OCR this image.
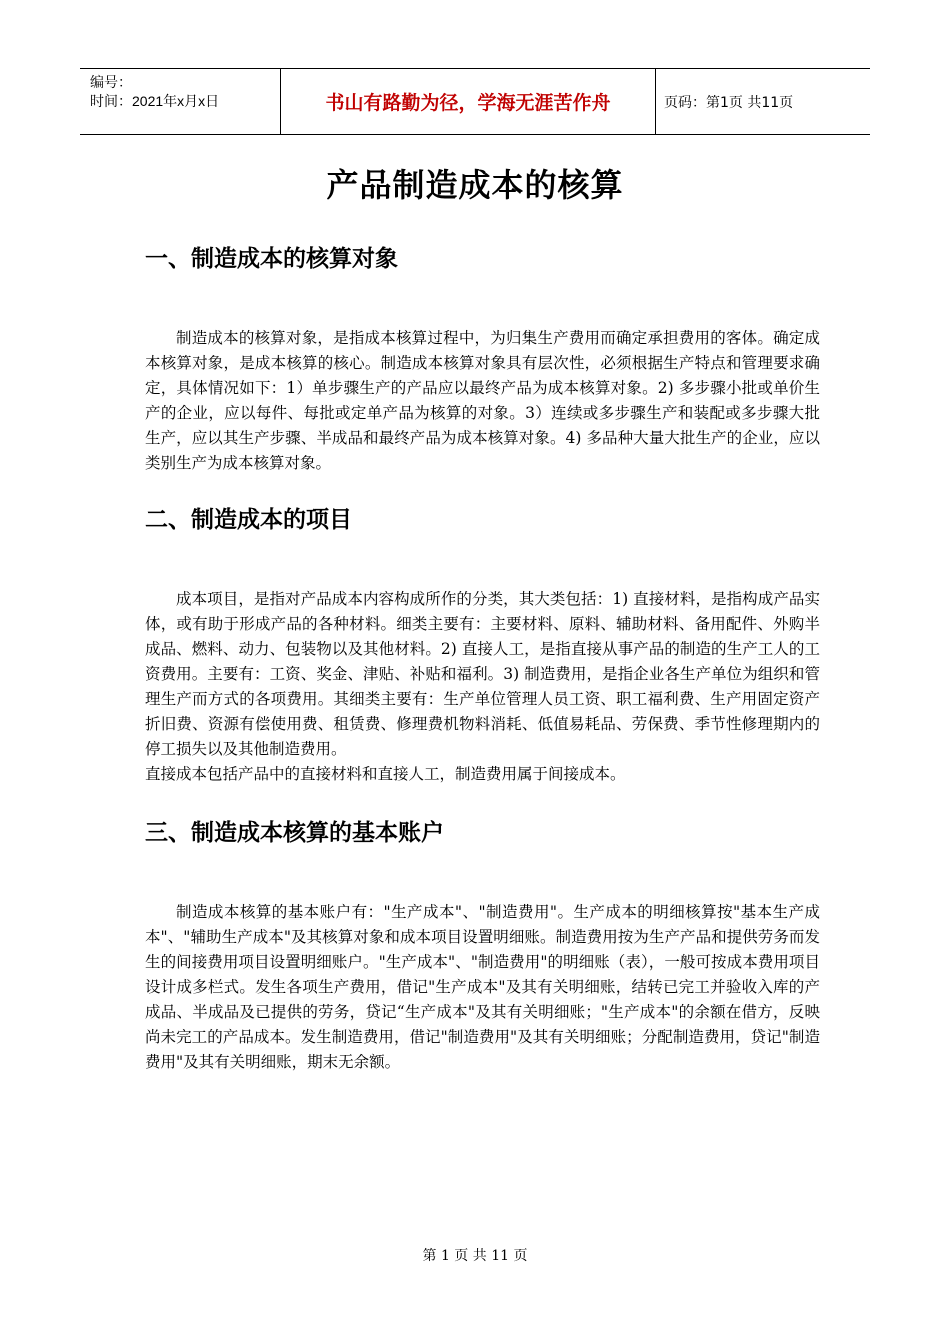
编号：
时间：2021年x月x日	书山有路勤为径，学海无涯苦作舟	页码：第1页 共11页
产品制造成本的核算
一、制造成本的核算对象

制造成本的核算对象，是指成本核算过程中，为归集生产费用而确定承担费用的客体。确定成本核算对象，是成本核算的核心。制造成本核算对象具有层次性，必须根据生产特点和管理要求确定，具体情况如下：1）单步骤生产的产品应以最终产品为成本核算对象。2) 多步骤小批或单价生产的企业，应以每件、每批或定单产品为核算的对象。3）连续或多步骤生产和装配或多步骤大批生产，应以其生产步骤、半成品和最终产品为成本核算对象。4) 多品种大量大批生产的企业，应以类别生产为成本核算对象。

二、制造成本的项目

成本项目，是指对产品成本内容构成所作的分类，其大类包括：1) 直接材料，是指构成产品实体，或有助于形成产品的各种材料。细类主要有：主要材料、原料、辅助材料、备用配件、外购半成品、燃料、动力、包装物以及其他材料。2) 直接人工，是指直接从事产品的制造的生产工人的工资费用。主要有：工资、奖金、津贴、补贴和福利。3) 制造费用，是指企业各生产单位为组织和管理生产而方式的各项费用。其细类主要有：生产单位管理人员工资、职工福利费、生产用固定资产折旧费、资源有偿使用费、租赁费、修理费机物料消耗、低值易耗品、劳保费、季节性修理期内的停工损失以及其他制造费用。

直接成本包括产品中的直接材料和直接人工，制造费用属于间接成本。

三、制造成本核算的基本账户

制造成本核算的基本账户有："生产成本"、"制造费用"。生产成本的明细核算按"基本生产成本"、"辅助生产成本"及其核算对象和成本项目设置明细账。制造费用按为生产产品和提供劳务而发生的间接费用项目设置明细账户。"生产成本"、"制造费用"的明细账（表），一般可按成本费用项目设计成多栏式。发生各项生产费用，借记"生产成本"及其有关明细账，结转已完工并验收入库的产成品、半成品及已提供的劳务，贷记“生产成本"及其有关明细账；"生产成本"的余额在借方，反映尚未完工的产品成本。发生制造费用，借记"制造费用"及其有关明细账；分配制造费用，贷记"制造费用"及其有关明细账，期末无余额。

第 1 页 共 11 页
